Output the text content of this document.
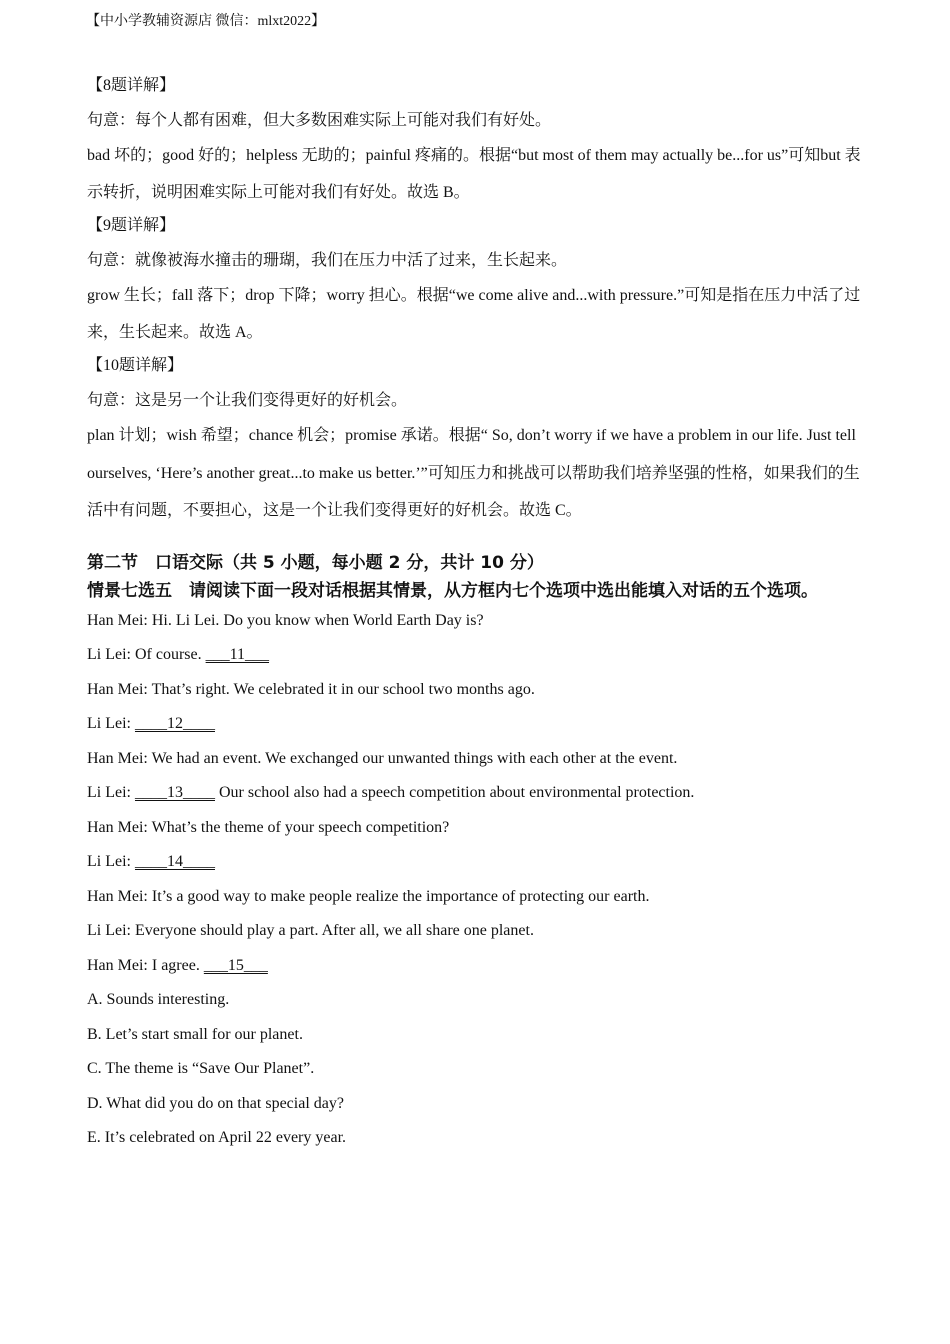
【中小学教辅资源店 微信：mlxt2022】

【8题详解】

句意：每个人都有困难，但大多数困难实际上可能对我们有好处。

bad 坏的；good 好的；helpless 无助的；painful 疼痛的。根据“but most of them may actually be...for us”可知but 表示转折，说明困难实际上可能对我们有好处。故选 B。

【9题详解】

句意：就像被海水撞击的珊瑚，我们在压力中活了过来，生长起来。

grow 生长；fall 落下；drop 下降；worry 担心。根据“we come alive and...with pressure.”可知是指在压力中活了过来，生长起来。故选 A。

【10题详解】

句意：这是另一个让我们变得更好的好机会。

plan 计划；wish 希望；chance 机会；promise 承诺。根据“ So, don’t worry if we have a problem in our life. Just tell ourselves, ‘Here’s another great...to make us better.’”可知压力和挑战可以帮助我们培养坚强的性格，如果我们的生活中有问题，不要担心，这是一个让我们变得更好的好机会。故选 C。

第二节　口语交际（共 5 小题，每小题 2 分，共计 10 分）

情景七选五　请阅读下面一段对话根据其情景，从方框内七个选项中选出能填入对话的五个选项。

Han Mei: Hi. Li Lei. Do you know when World Earth Day is?

Li Lei: Of course. ___11___

Han Mei: That’s right. We celebrated it in our school two months ago.

Li Lei: ____12____

Han Mei: We had an event. We exchanged our unwanted things with each other at the event.

Li Lei: ____13____ Our school also had a speech competition about environmental protection.

Han Mei: What’s the theme of your speech competition?

Li Lei: ____14____

Han Mei: It’s a good way to make people realize the importance of protecting our earth.

Li Lei: Everyone should play a part. After all, we all share one planet.

Han Mei: I agree. ___15___

A. Sounds interesting.

B. Let’s start small for our planet.

C. The theme is “Save Our Planet”.

D. What did you do on that special day?

E. It’s celebrated on April 22 every year.
